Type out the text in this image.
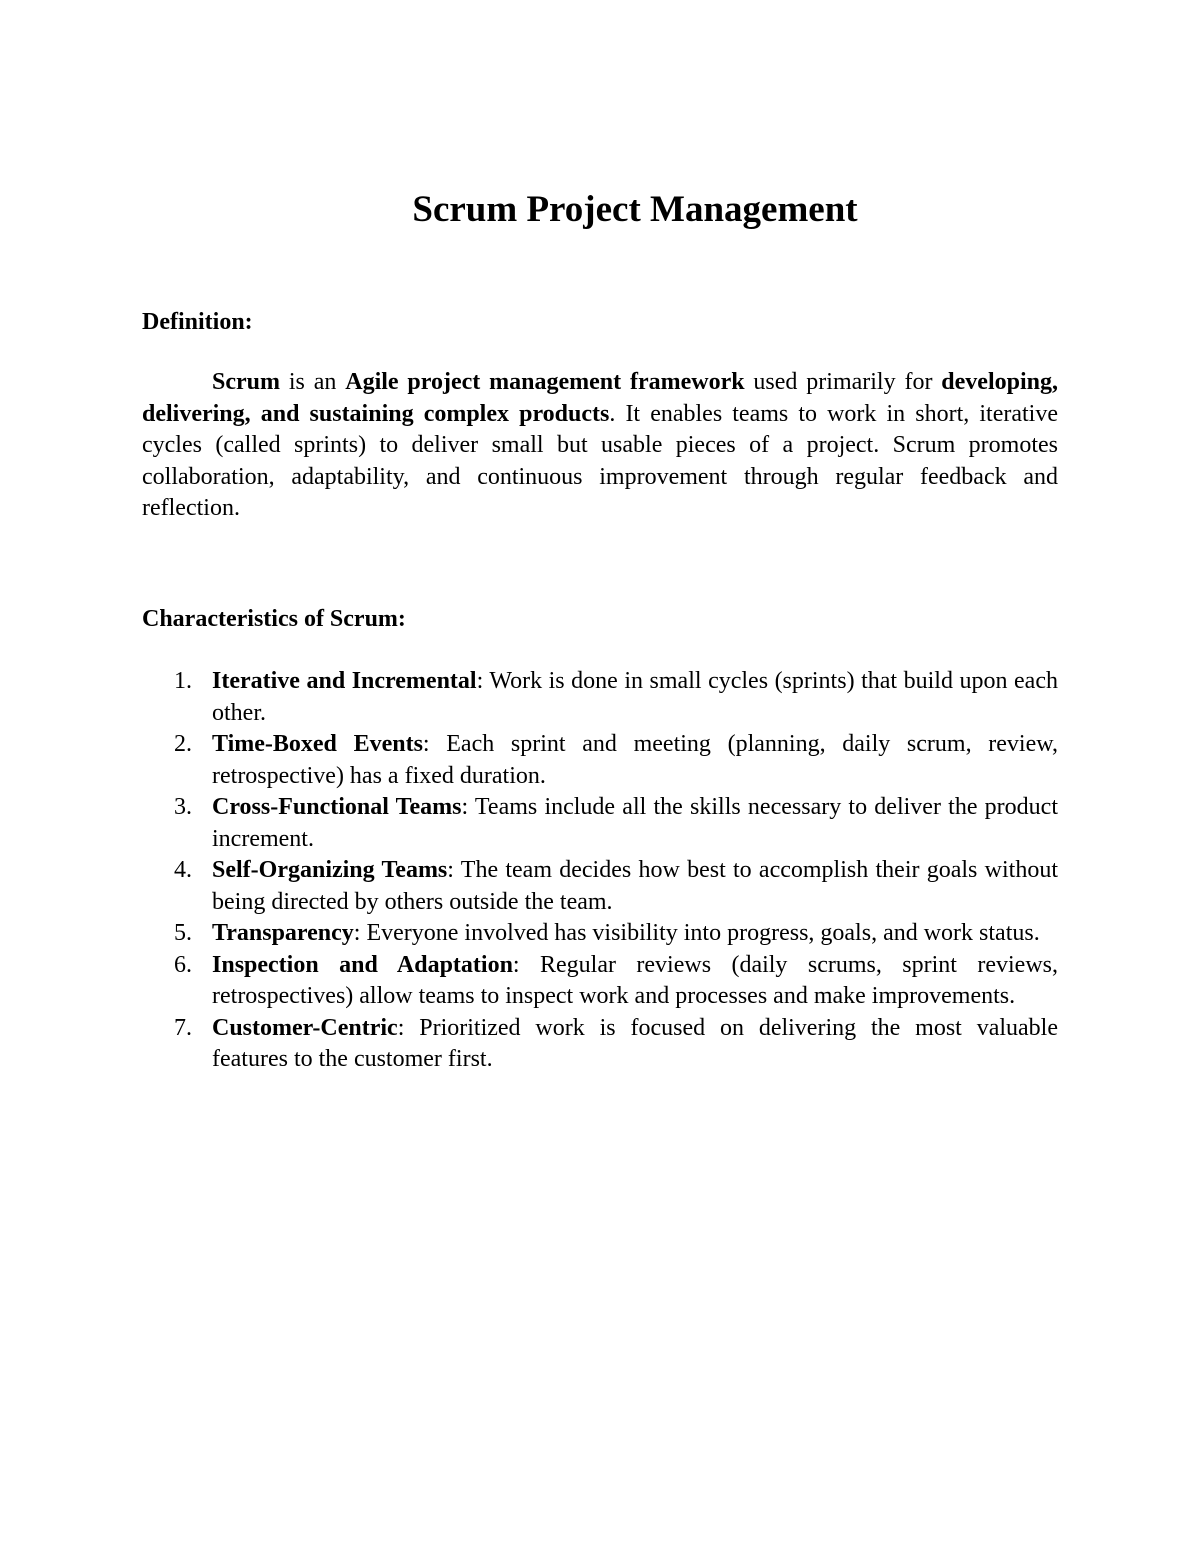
Scrum Project Management
Definition:

Scrum is an Agile project management framework used primarily for developing, delivering, and sustaining complex products. It enables teams to work in short, iterative cycles (called sprints) to deliver small but usable pieces of a project. Scrum promotes collaboration, adaptability, and continuous improvement through regular feedback and reflection.

Characteristics of Scrum:
1. Iterative and Incremental: Work is done in small cycles (sprints) that build upon each other.
2. Time-Boxed Events: Each sprint and meeting (planning, daily scrum, review, retrospective) has a fixed duration.
3. Cross-Functional Teams: Teams include all the skills necessary to deliver the product increment.
4. Self-Organizing Teams: The team decides how best to accomplish their goals without being directed by others outside the team.
5. Transparency: Everyone involved has visibility into progress, goals, and work status.
6. Inspection and Adaptation: Regular reviews (daily scrums, sprint reviews, retrospectives) allow teams to inspect work and processes and make improvements.
7. Customer-Centric: Prioritized work is focused on delivering the most valuable features to the customer first.
